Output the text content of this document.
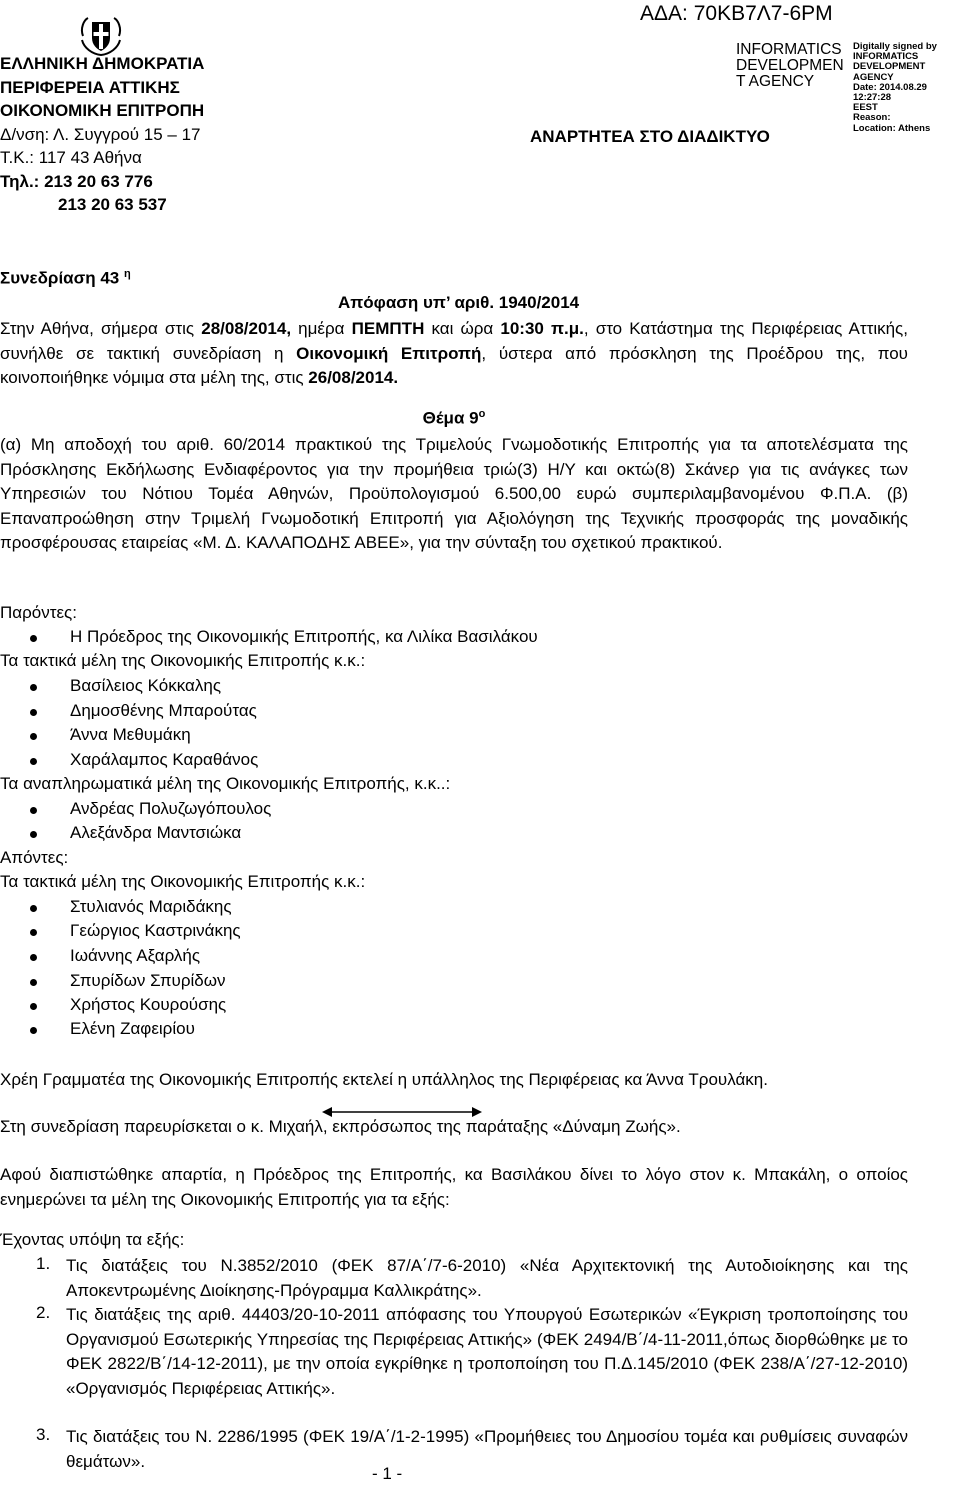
ΑΔΑ: 70ΚΒ7Λ7-6ΡΜ
ΕΛΛΗΝΙΚΗ ΔΗΜΟΚΡΑΤΙΑ
ΠΕΡΙΦΕΡΕΙΑ ΑΤΤΙΚΗΣ
ΟΙΚΟΝΟΜΙΚΗ ΕΠΙΤΡΟΠΗ
Δ/νση: Λ. Συγγρού 15 – 17
Τ.Κ.: 117 43 Αθήνα
Τηλ.: 213 20 63 776
213 20 63 537
INFORMATICS DEVELOPMEN T AGENCY
Digitally signed by
INFORMATICS
DEVELOPMENT AGENCY
Date: 2014.08.29 12:27:28
EEST
Reason:
Location: Athens
ΑΝΑΡΤΗΤΕΑ ΣΤΟ ΔΙΑΔΙΚΤΥΟ
Συνεδρίαση 43 $^\eta$
Απόφαση υπ’ αριθ. 1940/2014
Στην Αθήνα, σήμερα στις 28/08/2014, ημέρα ΠΕΜΠΤΗ και ώρα 10:30 π.μ., στο Κατάστημα της Περιφέρειας Αττικής, συνήλθε σε τακτική συνεδρίαση η Οικονομική Επιτροπή, ύστερα από πρόσκληση της Προέδρου της, που κοινοποιήθηκε νόμιμα στα μέλη της, στις 26/08/2014.
Θέμα $9^o$
(α) Μη αποδοχή του αριθ. 60/2014 πρακτικού της Τριμελούς Γνωμοδοτικής Επιτροπής για τα αποτελέσματα της Πρόσκλησης Εκδήλωσης Ενδιαφέροντος για την προμήθεια τριώ(3) Η/Υ και οκτώ(8) Σκάνερ για τις ανάγκες των Υπηρεσιών του Νότιου Τομέα Αθηνών, Προϋπολογισμού 6.500,00 ευρώ συμπεριλαμβανομένου Φ.Π.Α. (β) Επαναπροώθηση στην Τριμελή Γνωμοδοτική Επιτροπή για Αξιολόγηση της Τεχνικής προσφοράς της μοναδικής προσφέρουσας εταιρείας «Μ. Δ. ΚΑΛΑΠΟΔΗΣ ΑΒΕΕ», για την σύνταξη του σχετικού πρακτικού.
Παρόντες:
Η Πρόεδρος της Οικονομικής Επιτροπής, κα Λιλίκα Βασιλάκου
Τα τακτικά μέλη της Οικονομικής Επιτροπής κ.κ.:
Βασίλειος Κόκκαλης
Δημοσθένης Μπαρούτας
Άννα Μεθυμάκη
Χαράλαμπος Καραθάνος
Τα αναπληρωματικά μέλη της Οικονομικής Επιτροπής, κ.κ..:
Ανδρέας Πολυζωγόπουλος
Αλεξάνδρα Μαντσιώκα
Απόντες:
Τα τακτικά μέλη της Οικονομικής Επιτροπής κ.κ.:
Στυλιανός Μαριδάκης
Γεώργιος Καστρινάκης
Ιωάννης Αξαρλής
Σπυρίδων Σπυρίδων
Χρήστος Κουρούσης
Ελένη Ζαφειρίου
Χρέη Γραμματέα της Οικονομικής Επιτροπής εκτελεί η υπάλληλος της Περιφέρειας κα Άννα Τρουλάκη.
Στη συνεδρίαση παρευρίσκεται ο κ. Μιχαήλ, εκπρόσωπος της παράταξης «Δύναμη Ζωής».
Αφού διαπιστώθηκε απαρτία, η Πρόεδρος της Επιτροπής, κα Βασιλάκου δίνει το λόγο στον κ. Μπακάλη, ο οποίος ενημερώνει τα μέλη της Οικονομικής Επιτροπής για τα εξής:
Έχοντας υπόψη τα εξής:
1. Τις διατάξεις του Ν.3852/2010 (ΦΕΚ 87/Α΄/7-6-2010) «Νέα Αρχιτεκτονική της Αυτοδιοίκησης και της Αποκεντρωμένης Διοίκησης-Πρόγραμμα Καλλικράτης».
2. Τις διατάξεις της αριθ. 44403/20-10-2011 απόφασης του Υπουργού Εσωτερικών «Έγκριση τροποποίησης του Οργανισμού Εσωτερικής Υπηρεσίας της Περιφέρειας Αττικής» (ΦΕΚ 2494/Β΄/4-11-2011,όπως διορθώθηκε με το ΦΕΚ 2822/Β΄/14-12-2011), με την οποία εγκρίθηκε η τροποποίηση του Π.Δ.145/2010 (ΦΕΚ 238/Α΄/27-12-2010) «Οργανισμός Περιφέρειας Αττικής».
3. Τις διατάξεις του Ν. 2286/1995 (ΦΕΚ 19/Α΄/1-2-1995) «Προμήθειες του Δημοσίου τομέα και ρυθμίσεις συναφών θεμάτων».
- 1 -
